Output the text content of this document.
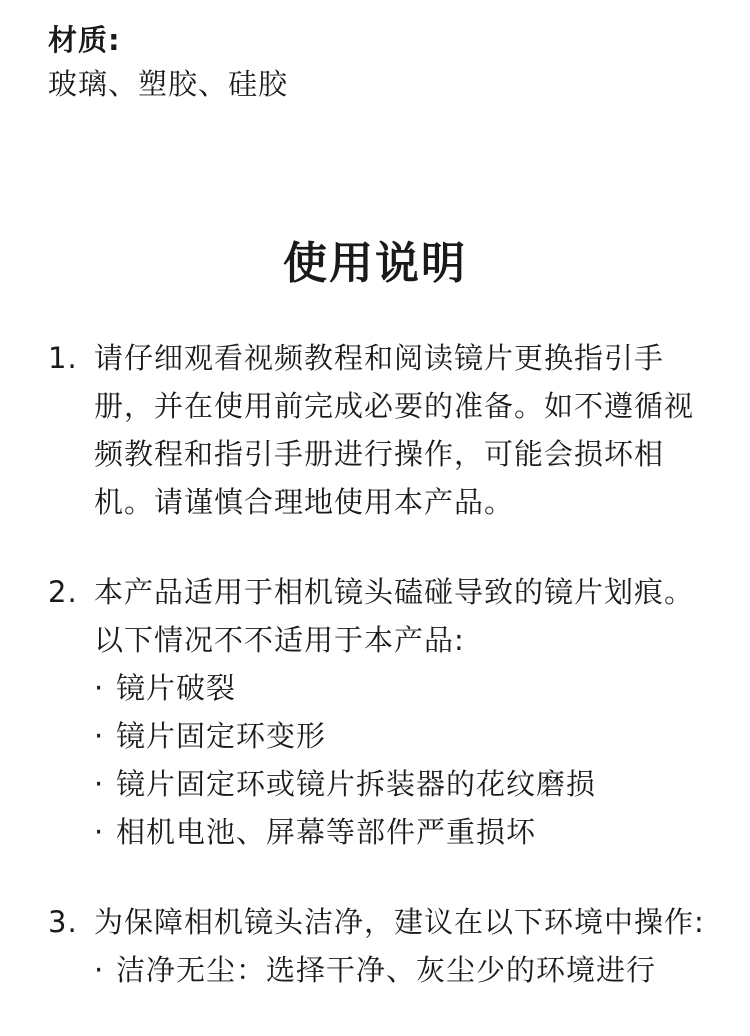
材质:
玻璃、塑胶、硅胶
使用说明
1. 请仔细观看视频教程和阅读镜片更换指引手册，并在使用前完成必要的准备。如不遵循视频教程和指引手册进行操作，可能会损坏相机。请谨慎合理地使用本产品。
2. 本产品适用于相机镜头磕碰导致的镜片划痕。以下情况不不适用于本产品:
· 镜片破裂
· 镜片固定环变形
· 镜片固定环或镜片拆装器的花纹磨损
· 相机电池、屏幕等部件严重损坏
3. 为保障相机镜头洁净，建议在以下环境中操作:
· 洁净无尘：选择干净、灰尘少的环境进行
